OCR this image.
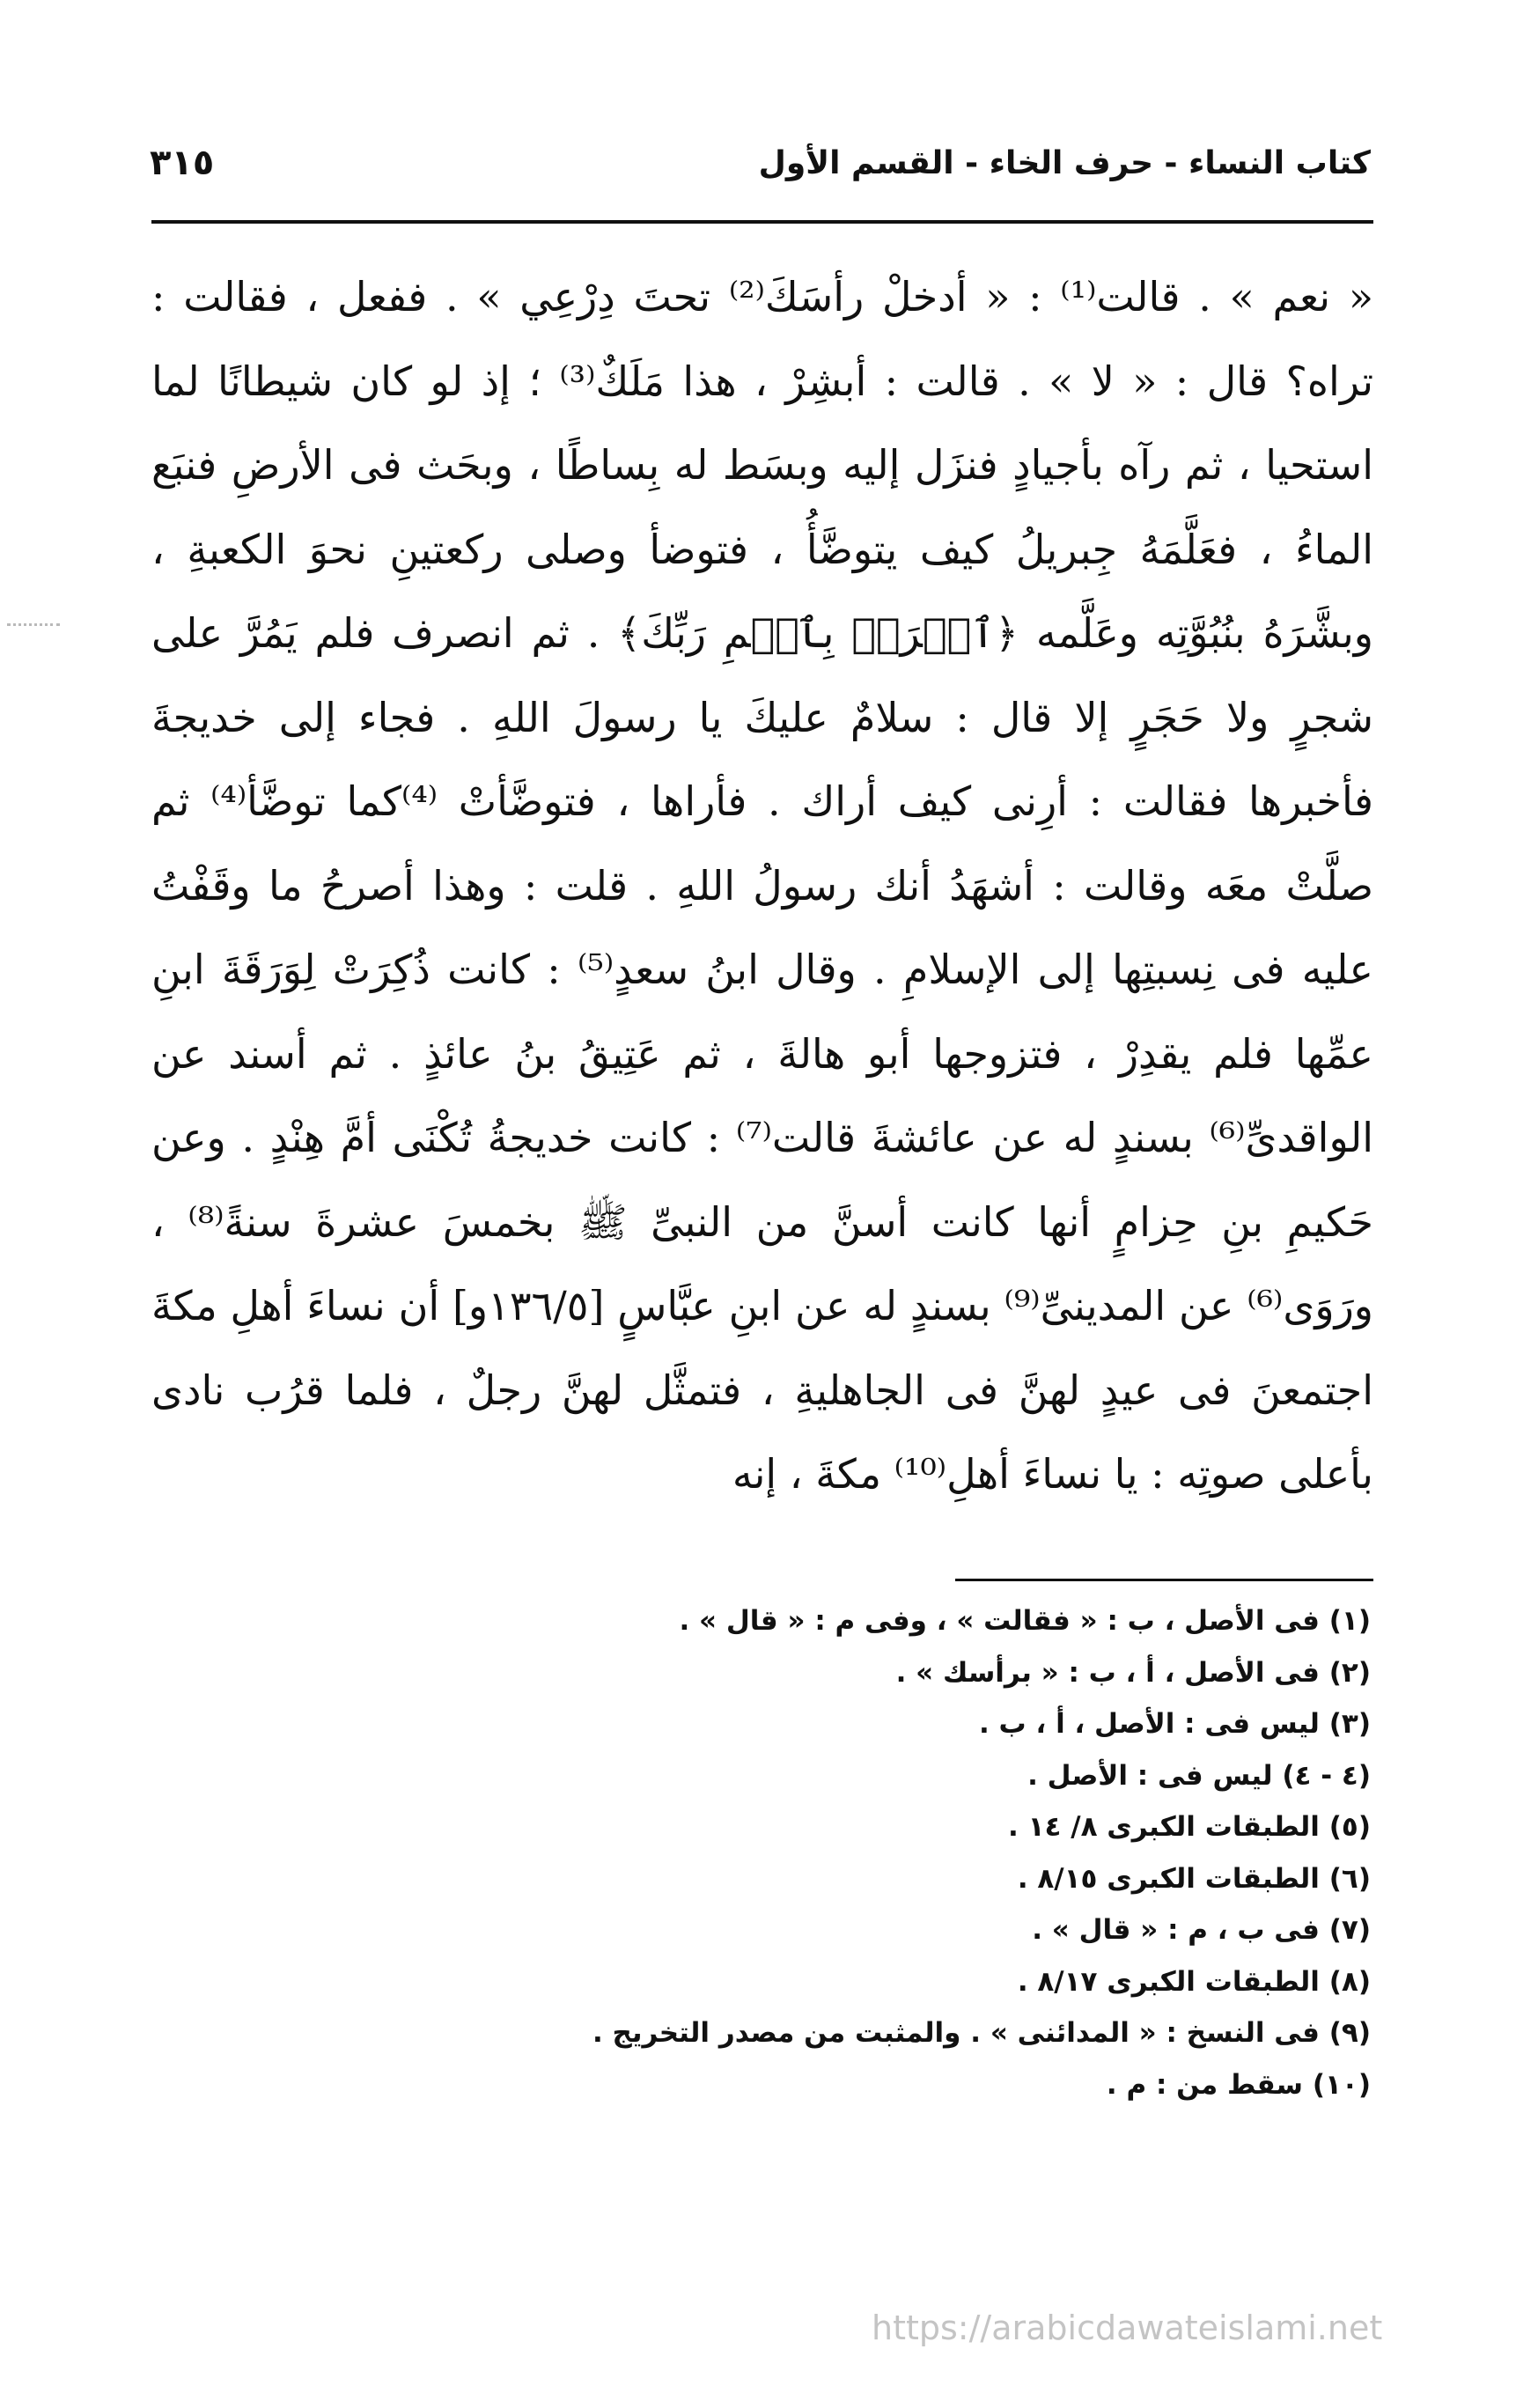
كتاب النساء - حرف الخاء - القسم الأول
٣١٥

« نعم » . قالت⁽¹⁾ : « أدخلْ رأسَكَ⁽²⁾ تحتَ دِرْعِي » . ففعل ، فقالت : تراه؟ قال : « لا » . قالت : أبشِرْ ، هذا مَلَكٌ⁽³⁾ ؛ إذ لو كان شيطانًا لما استحيا ، ثم رآه بأجيادٍ فنزَل إليه وبسَط له بِساطًا ، وبحَث فى الأرضِ فنبَع الماءُ ، فعَلَّمَهُ جِبريلُ كيف يتوضَّأُ ، فتوضأ وصلى ركعتينِ نحوَ الكعبةِ ، وبشَّرَهُ بنُبُوَّتِه وعَلَّمه ﴿ٱقۡرَأۡ بِٱسۡمِ رَبِّكَ﴾ . ثم انصرف فلم يَمُرَّ على شجرٍ ولا حَجَرٍ إلا قال : سلامٌ عليكَ يا رسولَ اللهِ . فجاء إلى خديجةَ فأخبرها فقالت : أرِنى كيف أراك . فأراها ، فتوضَّأتْ ⁽⁴⁾كما توضَّأ⁽⁴⁾ ثم صلَّتْ معَه وقالت : أشهَدُ أنك رسولُ اللهِ . قلت : وهذا أصرحُ ما وقَفْتُ عليه فى نِسبتِها إلى الإسلامِ . وقال ابنُ سعدٍ⁽⁵⁾ : كانت ذُكِرَتْ لِوَرَقَةَ ابنِ عمِّها فلم يقدِرْ ، فتزوجها أبو هالةَ ، ثم عَتِيقُ بنُ عائذٍ . ثم أسند عن الواقدىِّ⁽⁶⁾ بسندٍ له عن عائشةَ قالت⁽⁷⁾ : كانت خديجةُ تُكْنَى أمَّ هِنْدٍ . وعن حَكيمِ بنِ حِزامٍ أنها كانت أسنَّ من النبىِّ ﷺ بخمسَ عشرةَ سنةً⁽⁸⁾ ، ورَوَى⁽⁶⁾ عن المدينىِّ⁽⁹⁾ بسندٍ له عن ابنِ عبَّاسٍ [١٣٦/٥و] أن نساءَ أهلِ مكةَ اجتمعنَ فى عيدٍ لهنَّ فى الجاهليةِ ، فتمثَّل لهنَّ رجلٌ ، فلما قرُب نادى بأعلى صوتِه : يا نساءَ أهلِ⁽¹⁰⁾ مكةَ ، إنه

(١) فى الأصل ، ب : « فقالت » ، وفى م : « قال » .
(٢) فى الأصل ، أ ، ب : « برأسك » .
(٣) ليس فى : الأصل ، أ ، ب .
(٤ - ٤) ليس فى : الأصل .
(٥) الطبقات الكبرى ٨/ ١٤ .
(٦) الطبقات الكبرى ٨/١٥ .
(٧) فى ب ، م : « قال » .
(٨) الطبقات الكبرى ٨/١٧ .
(٩) فى النسخ : « المدائنى » . والمثبت من مصدر التخريج .
(١٠) سقط من : م .
https://arabicdawateislami.net
